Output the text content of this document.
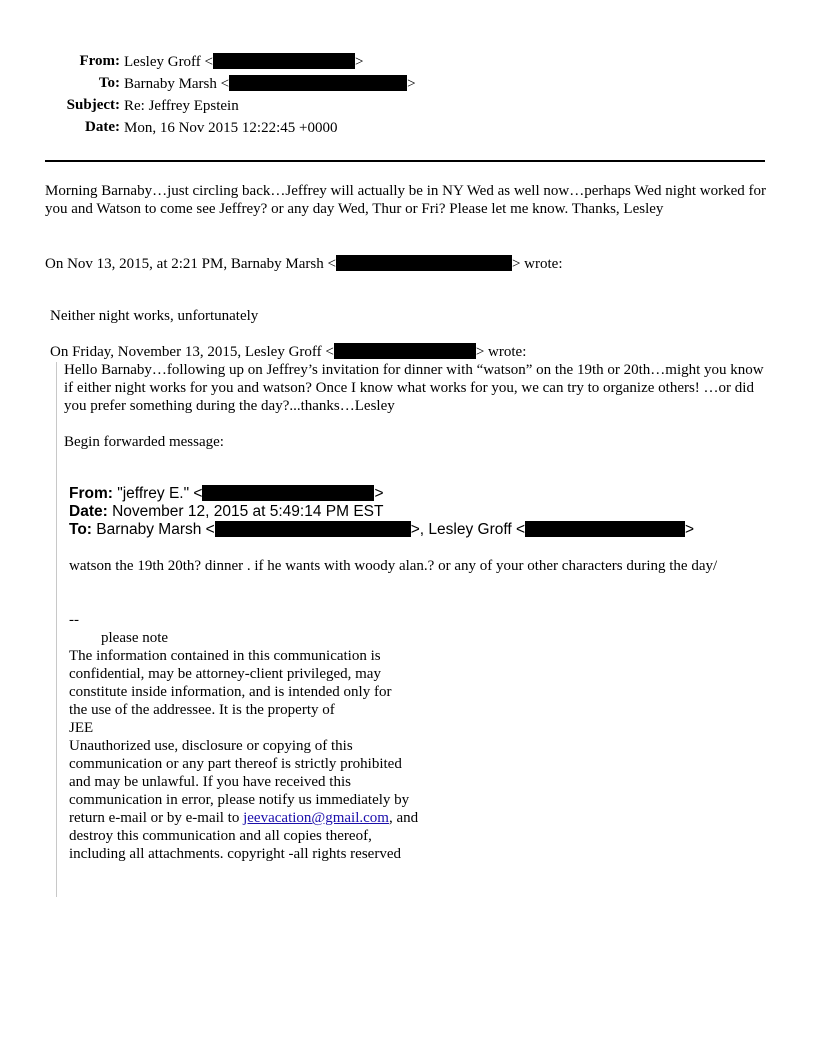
From: Lesley Groff <	>
To: Barnaby Marsh <	>
Subject: Re: Jeffrey Epstein
Date: Mon, 16 Nov 2015 12:22:45 +0000
Morning Barnaby…just circling back…Jeffrey will actually be in NY Wed as well now…perhaps Wed night worked for you and Watson to come see Jeffrey? or any day Wed, Thur or Fri? Please let me know. Thanks, Lesley
On Nov 13, 2015, at 2:21 PM, Barnaby Marsh <	> wrote:
Neither night works, unfortunately
On Friday, November 13, 2015, Lesley Groff <	> wrote:
Hello Barnaby…following up on Jeffrey’s invitation for dinner with “watson” on the 19th or 20th…might you know if either night works for you and watson? Once I know what works for you, we can try to organize others! …or did you prefer something during the day?...thanks…Lesley
Begin forwarded message:
From: "jeffrey E." <	>
Date: November 12, 2015 at 5:49:14 PM EST
To: Barnaby Marsh <	>, Lesley Groff <	>
watson the 19th 20th? dinner . if he wants with woody alan.? or any of your other characters during the day/
--
please note
The information contained in this communication is
confidential, may be attorney-client privileged, may
constitute inside information, and is intended only for
the use of the addressee. It is the property of
JEE
Unauthorized use, disclosure or copying of this
communication or any part thereof is strictly prohibited
and may be unlawful. If you have received this
communication in error, please notify us immediately by
return e-mail or by e-mail to jeevacation@gmail.com, and
destroy this communication and all copies thereof,
including all attachments. copyright -all rights reserved
